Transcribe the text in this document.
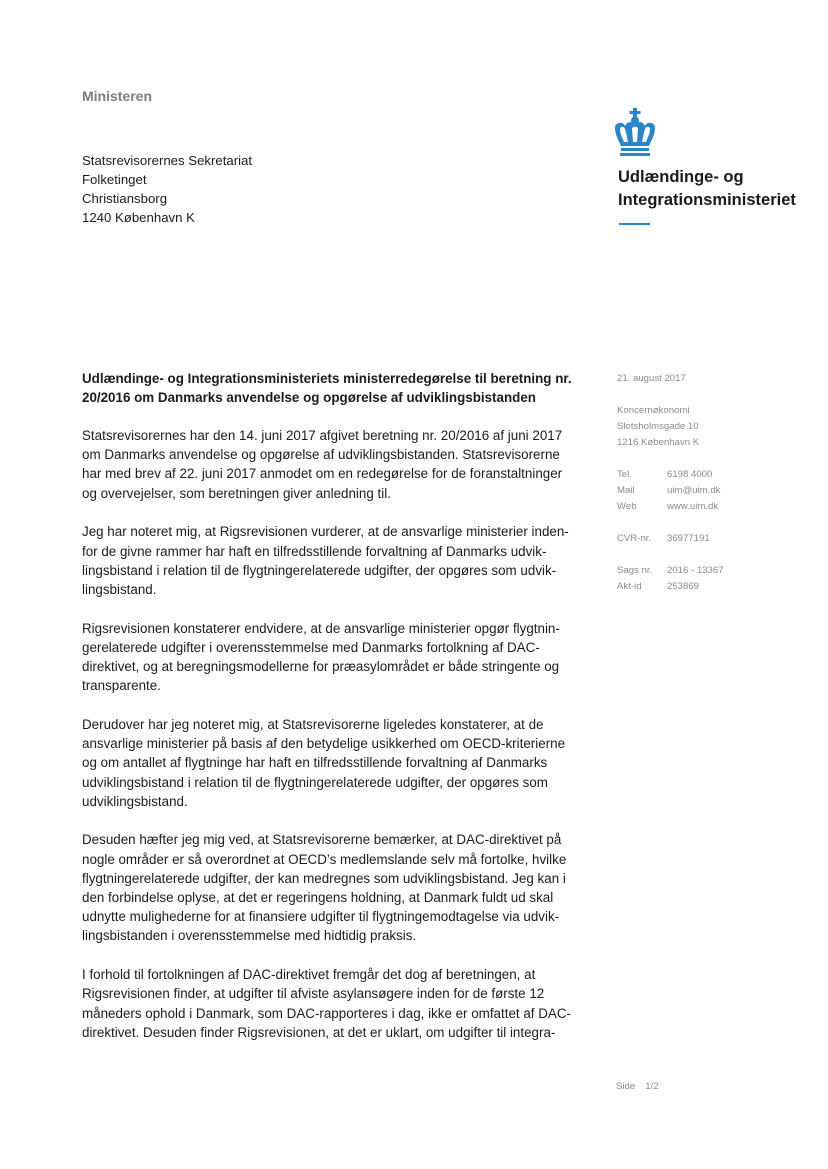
Ministeren
Statsrevisorernes Sekretariat
Folketinget
Christiansborg
1240 København K
Udlændinge- og
Integrationsministeriet
Udlændinge- og Integrationsministeriets ministerredegørelse til beretning nr.
20/2016 om Danmarks anvendelse og opgørelse af udviklingsbistanden

Statsrevisorernes har den 14. juni 2017 afgivet beretning nr. 20/2016 af juni 2017
om Danmarks anvendelse og opgørelse af udviklingsbistanden. Statsrevisorerne
har med brev af 22. juni 2017 anmodet om en redegørelse for de foranstaltninger
og overvejelser, som beretningen giver anledning til.

Jeg har noteret mig, at Rigsrevisionen vurderer, at de ansvarlige ministerier inden-
for de givne rammer har haft en tilfredsstillende forvaltning af Danmarks udvik-
lingsbistand i relation til de flygtningerelaterede udgifter, der opgøres som udvik-
lingsbistand.

Rigsrevisionen konstaterer endvidere, at de ansvarlige ministerier opgør flygtnin-
gerelaterede udgifter i overensstemmelse med Danmarks fortolkning af DAC-
direktivet, og at beregningsmodellerne for præasylområdet er både stringente og
transparente.

Derudover har jeg noteret mig, at Statsrevisorerne ligeledes konstaterer, at de
ansvarlige ministerier på basis af den betydelige usikkerhed om OECD-kriterierne
og om antallet af flygtninge har haft en tilfredsstillende forvaltning af Danmarks
udviklingsbistand i relation til de flygtningerelaterede udgifter, der opgøres som
udviklingsbistand.

Desuden hæfter jeg mig ved, at Statsrevisorerne bemærker, at DAC-direktivet på
nogle områder er så overordnet at OECD’s medlemslande selv må fortolke, hvilke
flygtningerelaterede udgifter, der kan medregnes som udviklingsbistand. Jeg kan i
den forbindelse oplyse, at det er regeringens holdning, at Danmark fuldt ud skal
udnytte mulighederne for at finansiere udgifter til flygtningemodtagelse via udvik-
lingsbistanden i overensstemmelse med hidtidig praksis.

I forhold til fortolkningen af DAC-direktivet fremgår det dog af beretningen, at
Rigsrevisionen finder, at udgifter til afviste asylansøgere inden for de første 12
måneders ophold i Danmark, som DAC-rapporteres i dag, ikke er omfattet af DAC-
direktivet. Desuden finder Rigsrevisionen, at det er uklart, om udgifter til integra-

21. august 2017
Koncernøkonomi
Slotsholmsgade 10
1216 København K
Tel.	6198 4000
Mail	uim@uim.dk
Web	www.uim.dk
CVR-nr.	36977191
Sags nr.	2016 - 13367
Akt-id	253869
Side 1/2
